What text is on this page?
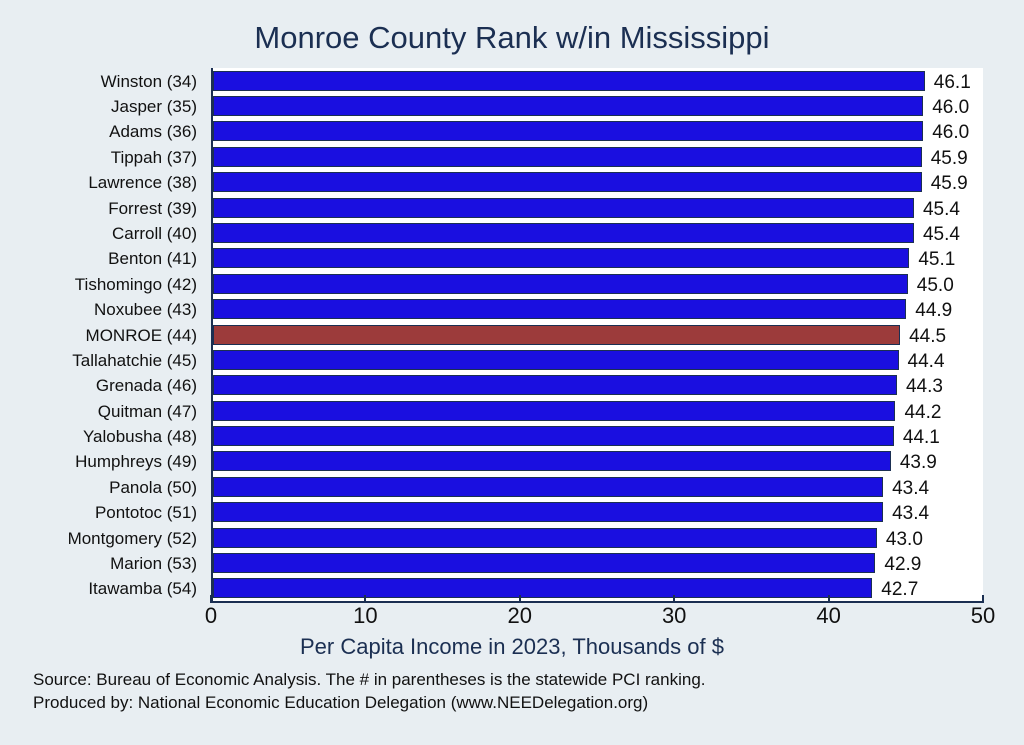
Monroe County Rank w/in Mississippi
Winston (34)
Jasper (35)
Adams (36)
Tippah (37)
Lawrence (38)
Forrest (39)
Carroll (40)
Benton (41)
Tishomingo (42)
Noxubee (43)
MONROE (44)
Tallahatchie (45)
Grenada (46)
Quitman (47)
Yalobusha (48)
Humphreys (49)
Panola (50)
Pontotoc (51)
Montgomery (52)
Marion (53)
Itawamba (54)
46.1
46.0
46.0
45.9
45.9
45.4
45.4
45.1
45.0
44.9
44.5
44.4
44.3
44.2
44.1
43.9
43.4
43.4
43.0
42.9
42.7
0	10	20	30	40	50
Per Capita Income in 2023, Thousands of $
Source: Bureau of Economic Analysis. The # in parentheses is the statewide PCI ranking.
Produced by: National Economic Education Delegation (www.NEEDelegation.org)
